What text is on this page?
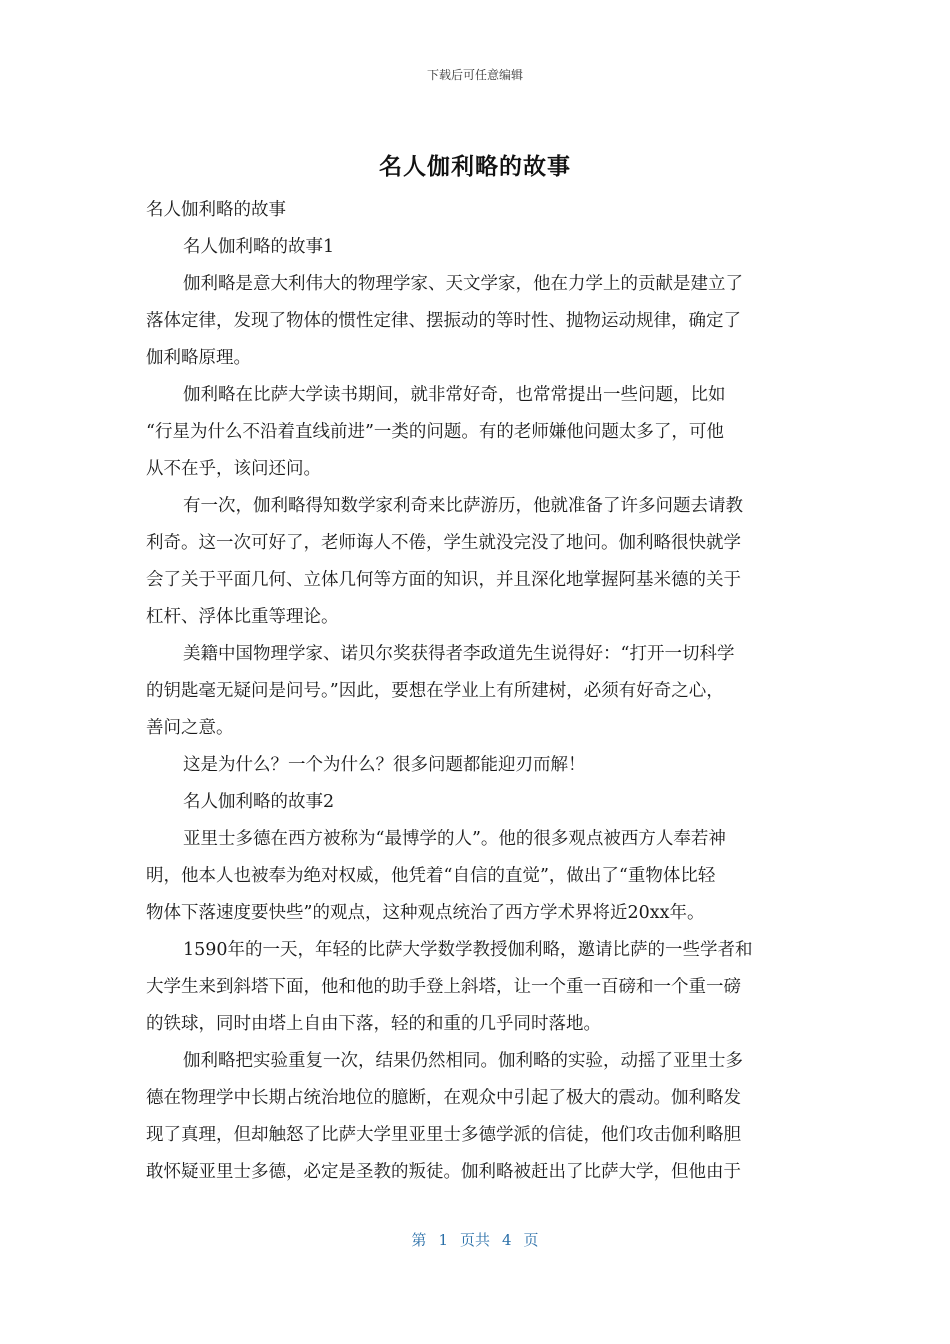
下载后可任意编辑
名人伽利略的故事
名人伽利略的故事
名人伽利略的故事1
伽利略是意大利伟大的物理学家、天文学家，他在力学上的贡献是建立了
落体定律，发现了物体的惯性定律、摆振动的等时性、抛物运动规律，确定了
伽利略原理。
伽利略在比萨大学读书期间，就非常好奇，也常常提出一些问题，比如
“行星为什么不沿着直线前进”一类的问题。有的老师嫌他问题太多了，可他
从不在乎，该问还问。
有一次，伽利略得知数学家利奇来比萨游历，他就准备了许多问题去请教
利奇。这一次可好了，老师诲人不倦，学生就没完没了地问。伽利略很快就学
会了关于平面几何、立体几何等方面的知识，并且深化地掌握阿基米德的关于
杠杆、浮体比重等理论。
美籍中国物理学家、诺贝尔奖获得者李政道先生说得好：“打开一切科学
的钥匙毫无疑问是问号。”因此，要想在学业上有所建树，必须有好奇之心，
善问之意。
这是为什么？一个为什么？很多问题都能迎刃而解！
名人伽利略的故事2
亚里士多德在西方被称为“最博学的人”。他的很多观点被西方人奉若神
明，他本人也被奉为绝对权威，他凭着“自信的直觉”，做出了“重物体比轻
物体下落速度要快些”的观点，这种观点统治了西方学术界将近20xx年。
1590年的一天，年轻的比萨大学数学教授伽利略，邀请比萨的一些学者和
大学生来到斜塔下面，他和他的助手登上斜塔，让一个重一百磅和一个重一磅
的铁球，同时由塔上自由下落，轻的和重的几乎同时落地。
伽利略把实验重复一次，结果仍然相同。伽利略的实验，动摇了亚里士多
德在物理学中长期占统治地位的臆断，在观众中引起了极大的震动。伽利略发
现了真理，但却触怒了比萨大学里亚里士多德学派的信徒，他们攻击伽利略胆
敢怀疑亚里士多德，必定是圣教的叛徒。伽利略被赶出了比萨大学，但他由于
第 1 页共 4 页
